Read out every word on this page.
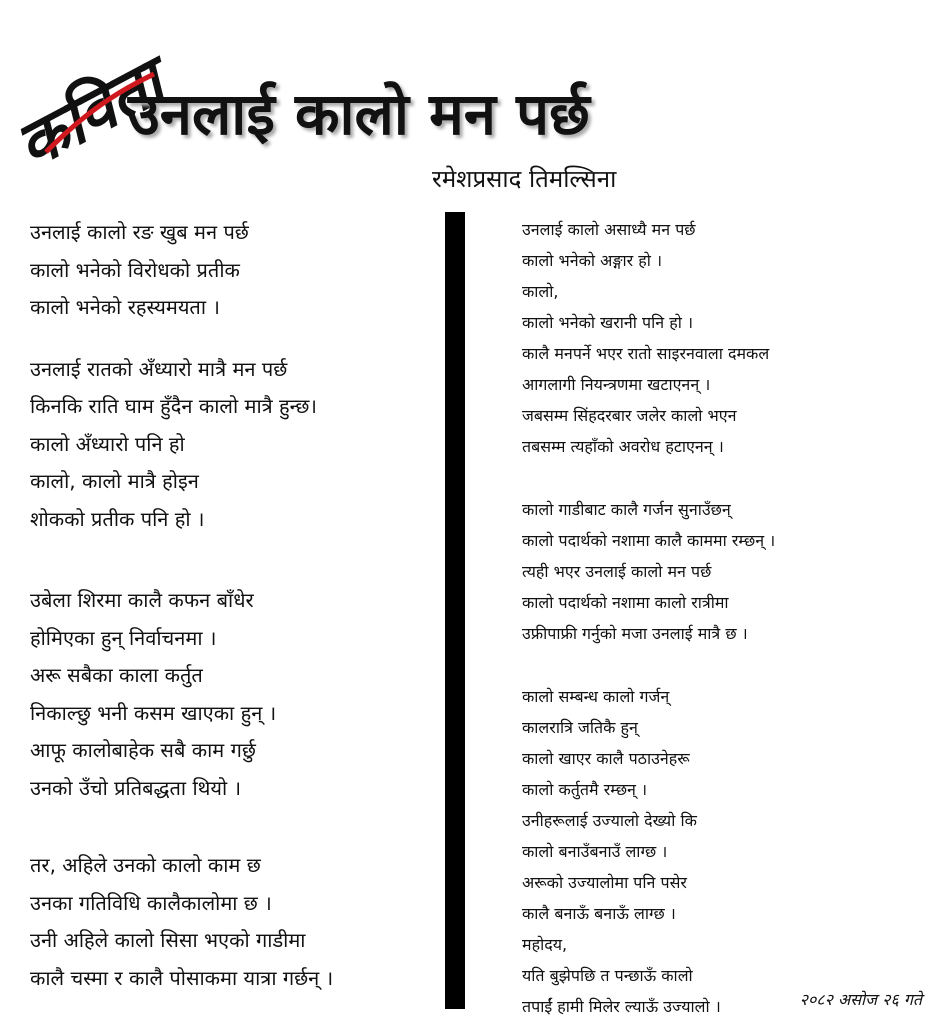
कविता
उनलाई कालो मन पर्छ
रमेशप्रसाद तिमल्सिना
उनलाई कालो रङ खुब मन पर्छ
कालो भनेको विरोधको प्रतीक
कालो भनेको रहस्यमयता ।
उनलाई रातको अँध्यारो मात्रै मन पर्छ
किनकि राति घाम हुँदैन कालो मात्रै हुन्छ।
कालो अँध्यारो पनि हो
कालो, कालो मात्रै होइन
शोकको प्रतीक पनि हो ।
उबेला शिरमा कालै कफन बाँधेर
होमिएका हुन् निर्वाचनमा ।
अरू सबैका काला कर्तुत
निकाल्छु भनी कसम खाएका हुन् ।
आफू कालोबाहेक सबै काम गर्छु
उनको उँचो प्रतिबद्धता थियो ।
तर, अहिले उनको कालो काम छ
उनका गतिविधि कालैकालोमा छ ।
उनी अहिले कालो सिसा भएको गाडीमा
कालै चस्मा र कालै पोसाकमा यात्रा गर्छन् ।
उनलाई कालो असाध्यै मन पर्छ
कालो भनेको अङ्गार हो ।
कालो,
कालो भनेको खरानी पनि हो ।
कालै मनपर्ने भएर रातो साइरनवाला दमकल
आगलागी नियन्त्रणमा खटाएनन् ।
जबसम्म सिंहदरबार जलेर कालो भएन
तबसम्म त्यहाँको अवरोध हटाएनन् ।
कालो गाडीबाट कालै गर्जन सुनाउँछन्
कालो पदार्थको नशामा कालै काममा रम्छन् ।
त्यही भएर उनलाई कालो मन पर्छ
कालो पदार्थको नशामा कालो रात्रीमा
उफ्रीपाफ्री गर्नुको मजा उनलाई मात्रै छ ।
कालो सम्बन्ध कालो गर्जन्
कालरात्रि जतिकै हुन्
कालो खाएर कालै पठाउनेहरू
कालो कर्तुतमै रम्छन् ।
उनीहरूलाई उज्यालो देख्यो कि
कालो बनाउँबनाउँ लाग्छ ।
अरूको उज्यालोमा पनि पसेर
कालै बनाऊँ बनाऊँ लाग्छ ।
महोदय,
यति बुझेपछि त पन्छाऊँ कालो
तपाईं हामी मिलेर ल्याऊँ उज्यालो ।	२०८२ असोज २६ गते
